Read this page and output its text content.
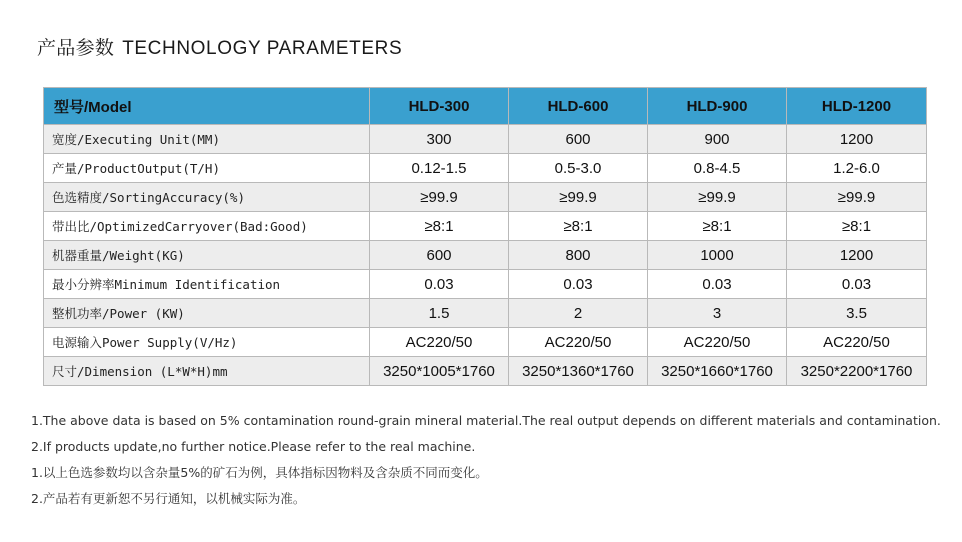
产品参数 TECHNOLOGY PARAMETERS
型号/Model	HLD-300	HLD-600	HLD-900	HLD-1200
宽度/Executing Unit(MM)	300	600	900	1200
产量/ProductOutput(T/H)	0.12-1.5	0.5-3.0	0.8-4.5	1.2-6.0
色选精度/SortingAccuracy(%)	≥99.9	≥99.9	≥99.9	≥99.9
带出比/OptimizedCarryover(Bad:Good)	≥8:1	≥8:1	≥8:1	≥8:1
机器重量/Weight(KG)	600	800	1000	1200
最小分辨率Minimum Identification	0.03	0.03	0.03	0.03
整机功率/Power (KW)	1.5	2	3	3.5
电源输入Power Supply(V/Hz)	AC220/50	AC220/50	AC220/50	AC220/50
尺寸/Dimension (L*W*H)mm	3250*1005*1760	3250*1360*1760	3250*1660*1760	3250*2200*1760
1.The above data is based on 5% contamination round-grain mineral material.The real output depends on different materials and contamination.
2.If products update,no further notice.Please refer to the real machine.
1.以上色选参数均以含杂量5%的矿石为例，具体指标因物料及含杂质不同而变化。
2.产品若有更新恕不另行通知，以机械实际为准。
